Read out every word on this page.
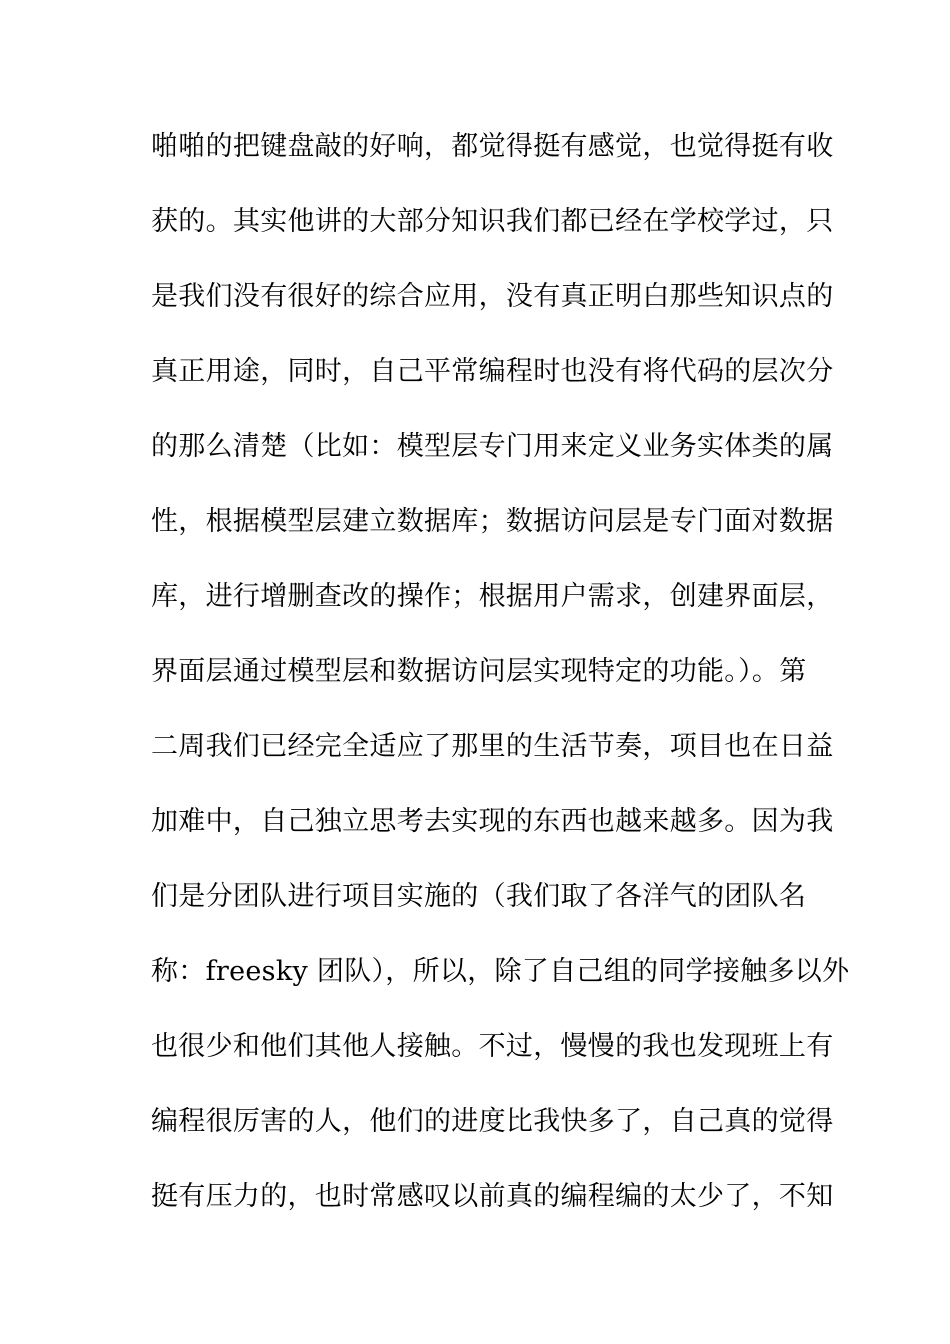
啪啪的把键盘敲的好响，都觉得挺有感觉，也觉得挺有收
获的。其实他讲的大部分知识我们都已经在学校学过，只
是我们没有很好的综合应用，没有真正明白那些知识点的
真正用途，同时，自己平常编程时也没有将代码的层次分
的那么清楚（比如：模型层专门用来定义业务实体类的属
性，根据模型层建立数据库；数据访问层是专门面对数据
库，进行增删查改的操作；根据用户需求，创建界面层，
界面层通过模型层和数据访问层实现特定的功能。）。第
二周我们已经完全适应了那里的生活节奏，项目也在日益
加难中，自己独立思考去实现的东西也越来越多。因为我
们是分团队进行项目实施的（我们取了各洋气的团队名
称：freesky 团队），所以，除了自己组的同学接触多以外
也很少和他们其他人接触。不过，慢慢的我也发现班上有
编程很厉害的人，他们的进度比我快多了，自己真的觉得
挺有压力的，也时常感叹以前真的编程编的太少了，不知
